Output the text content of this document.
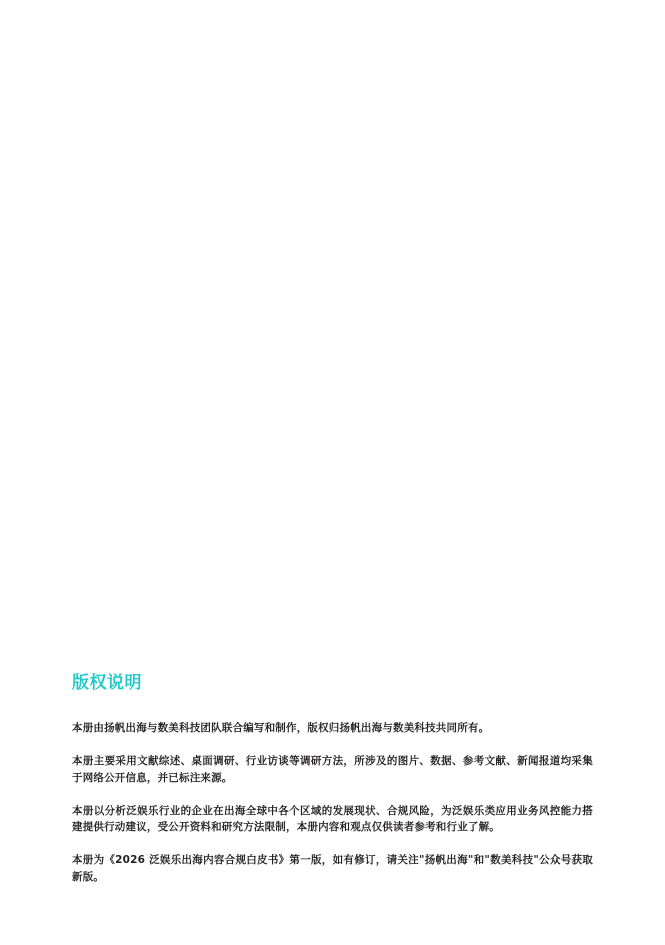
版权说明

本册由扬帆出海与数美科技团队联合编写和制作，版权归扬帆出海与数美科技共同所有。

本册主要采用文献综述、桌面调研、行业访谈等调研方法，所涉及的图片、数据、参考文献、新闻报道均采集于网络公开信息，并已标注来源。

本册以分析泛娱乐行业的企业在出海全球中各个区域的发展现状、合规风险，为泛娱乐类应用业务风控能力搭建提供行动建议，受公开资料和研究方法限制，本册内容和观点仅供读者参考和行业了解。

本册为《2026 泛娱乐出海内容合规白皮书》第一版，如有修订，请关注"扬帆出海"和"数美科技"公众号获取新版。
